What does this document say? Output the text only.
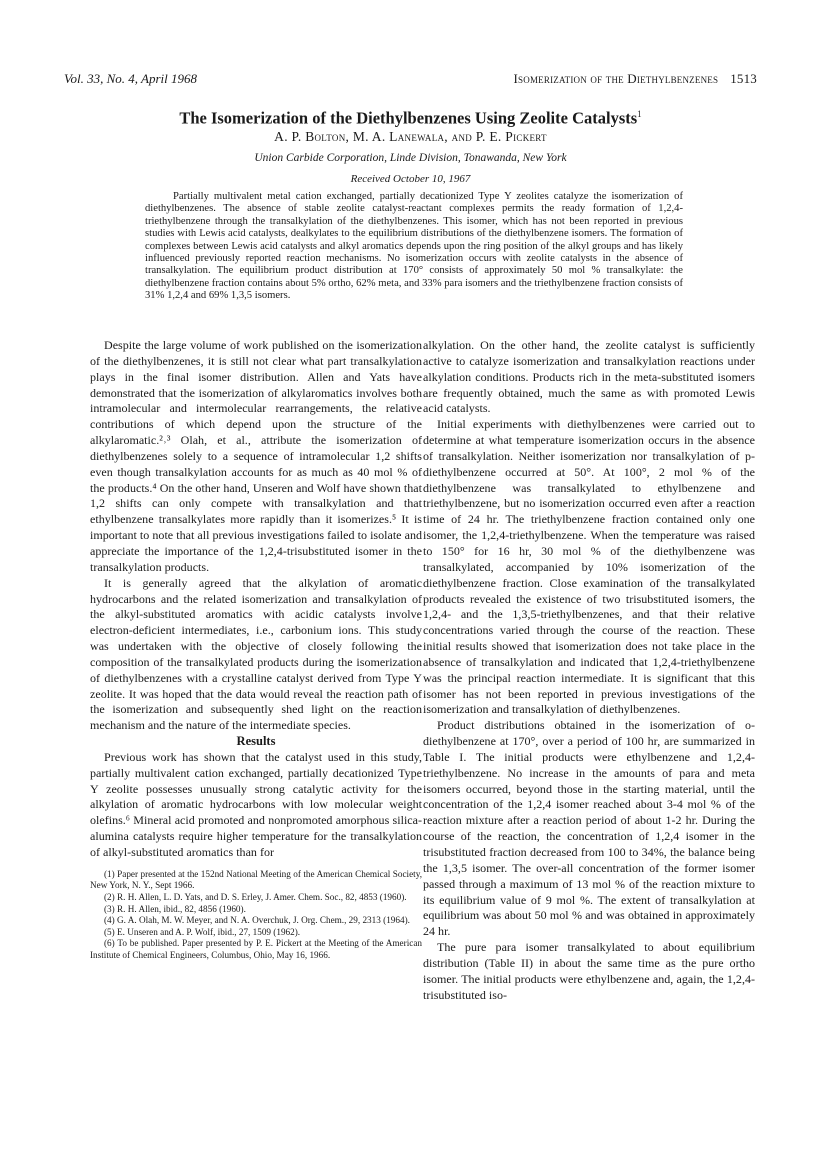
Vol. 33, No. 4, April 1968	Isomerization of the Diethylbenzenes 1513
The Isomerization of the Diethylbenzenes Using Zeolite Catalysts$^1$
A. P. Bolton, M. A. Lanewala, and P. E. Pickert
Union Carbide Corporation, Linde Division, Tonawanda, New York
Received October 10, 1967
Partially multivalent metal cation exchanged, partially decationized Type Y zeolites catalyze the isomerization of diethylbenzenes. The absence of stable zeolite catalyst-reactant complexes permits the ready formation of 1,2,4-triethylbenzene through the transalkylation of the diethylbenzenes. This isomer, which has not been reported in previous studies with Lewis acid catalysts, dealkylates to the equilibrium distributions of the diethylbenzene isomers. The formation of complexes between Lewis acid catalysts and alkyl aromatics depends upon the ring position of the alkyl groups and has likely influenced previously reported reaction mechanisms. No isomerization occurs with zeolite catalysts in the absence of transalkylation. The equilibrium product distribution at 170° consists of approximately 50 mol % transalkylate: the diethylbenzene fraction contains about 5% ortho, 62% meta, and 33% para isomers and the triethylbenzene fraction consists of 31% 1,2,4 and 69% 1,3,5 isomers.

Despite the large volume of work published on the isomerization of the diethylbenzenes, it is still not clear what part transalkylation plays in the final isomer distribution. Allen and Yats have demonstrated that the isomerization of alkylaromatics involves both intramolecular and intermolecular rearrangements, the relative contributions of which depend upon the structure of the alkylaromatic.²˒³ Olah, et al., attribute the isomerization of diethylbenzenes solely to a sequence of intramolecular 1,2 shifts even though transalkylation accounts for as much as 40 mol % of the products.⁴ On the other hand, Unseren and Wolf have shown that 1,2 shifts can only compete with transalkylation and that ethylbenzene transalkylates more rapidly than it isomerizes.⁵ It is important to note that all previous investigations failed to isolate and appreciate the importance of the 1,2,4-trisubstituted isomer in the transalkylation products.

It is generally agreed that the alkylation of aromatic hydrocarbons and the related isomerization and transalkylation of the alkyl-substituted aromatics with acidic catalysts involve electron-deficient intermediates, i.e., carbonium ions. This study was undertaken with the objective of closely following the composition of the transalkylated products during the isomerization of diethylbenzenes with a crystalline catalyst derived from Type Y zeolite. It was hoped that the data would reveal the reaction path of the isomerization and subsequently shed light on the reaction mechanism and the nature of the intermediate species.

Results

Previous work has shown that the catalyst used in this study, partially multivalent cation exchanged, partially decationized Type Y zeolite possesses unusually strong catalytic activity for the alkylation of aromatic hydrocarbons with low molecular weight olefins.⁶ Mineral acid promoted and nonpromoted amorphous silica-alumina catalysts require higher temperature for the transalkylation of alkyl-substituted aromatics than for

(1) Paper presented at the 152nd National Meeting of the American Chemical Society, New York, N. Y., Sept 1966.

(2) R. H. Allen, L. D. Yats, and D. S. Erley, J. Amer. Chem. Soc., 82, 4853 (1960).

(3) R. H. Allen, ibid., 82, 4856 (1960).

(4) G. A. Olah, M. W. Meyer, and N. A. Overchuk, J. Org. Chem., 29, 2313 (1964).

(5) E. Unseren and A. P. Wolf, ibid., 27, 1509 (1962).

(6) To be published. Paper presented by P. E. Pickert at the Meeting of the American Institute of Chemical Engineers, Columbus, Ohio, May 16, 1966.

alkylation. On the other hand, the zeolite catalyst is sufficiently active to catalyze isomerization and transalkylation reactions under alkylation conditions. Products rich in the meta-substituted isomers are frequently obtained, much the same as with promoted Lewis acid catalysts.

Initial experiments with diethylbenzenes were carried out to determine at what temperature isomerization occurs in the absence of transalkylation. Neither isomerization nor transalkylation of p-diethylbenzene occurred at 50°. At 100°, 2 mol % of the diethylbenzene was transalkylated to ethylbenzene and triethylbenzene, but no isomerization occurred even after a reaction time of 24 hr. The triethylbenzene fraction contained only one isomer, the 1,2,4-triethylbenzene. When the temperature was raised to 150° for 16 hr, 30 mol % of the diethylbenzene was transalkylated, accompanied by 10% isomerization of the diethylbenzene fraction. Close examination of the transalkylated products revealed the existence of two trisubstituted isomers, the 1,2,4- and the 1,3,5-triethylbenzenes, and that their relative concentrations varied through the course of the reaction. These initial results showed that isomerization does not take place in the absence of transalkylation and indicated that 1,2,4-triethylbenzene was the principal reaction intermediate. It is significant that this isomer has not been reported in previous investigations of the isomerization and transalkylation of diethylbenzenes.

Product distributions obtained in the isomerization of o-diethylbenzene at 170°, over a period of 100 hr, are summarized in Table I. The initial products were ethylbenzene and 1,2,4-triethylbenzene. No increase in the amounts of para and meta isomers occurred, beyond those in the starting material, until the concentration of the 1,2,4 isomer reached about 3-4 mol % of the reaction mixture after a reaction period of about 1-2 hr. During the course of the reaction, the concentration of 1,2,4 isomer in the trisubstituted fraction decreased from 100 to 34%, the balance being the 1,3,5 isomer. The over-all concentration of the former isomer passed through a maximum of 13 mol % of the reaction mixture to its equilibrium value of 9 mol %. The extent of transalkylation at equilibrium was about 50 mol % and was obtained in approximately 24 hr.

The pure para isomer transalkylated to about equilibrium distribution (Table II) in about the same time as the pure ortho isomer. The initial products were ethylbenzene and, again, the 1,2,4-trisubstituted iso-
